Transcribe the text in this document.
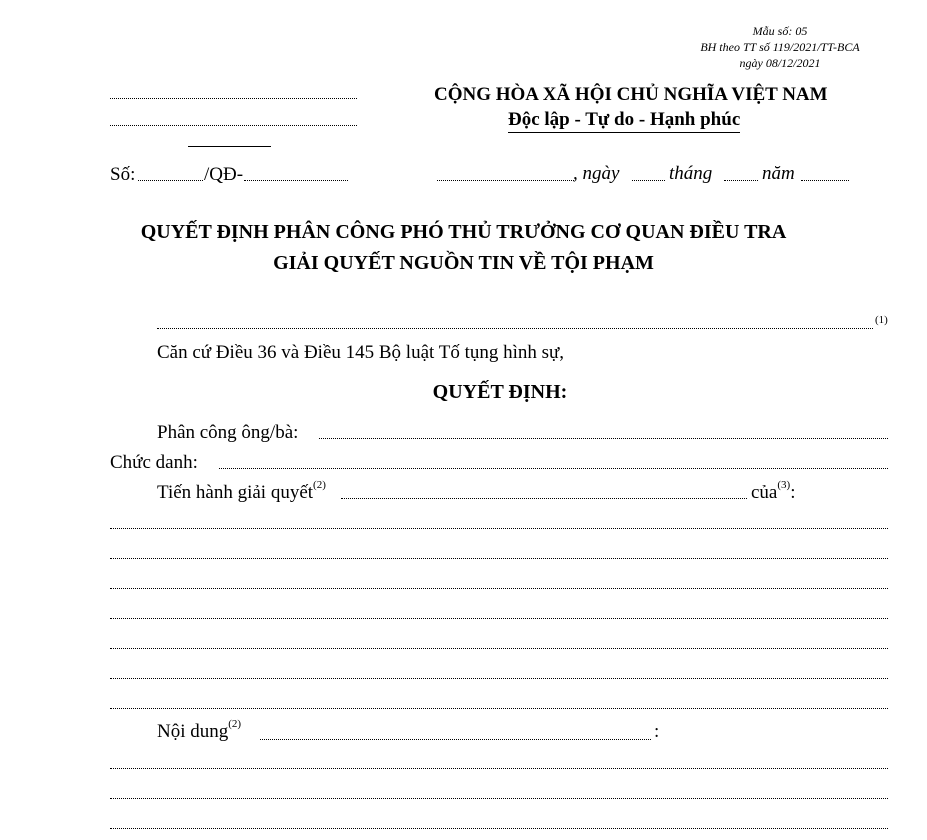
Mẫu số: 05
BH theo TT số 119/2021/TT-BCA
ngày 08/12/2021
CỘNG HÒA XÃ HỘI CHỦ NGHĨA VIỆT NAM
Độc lập - Tự do - Hạnh phúc
Số:	/QĐ-	, ngày	tháng	năm
QUYẾT ĐỊNH PHÂN CÔNG PHÓ THỦ TRƯỞNG CƠ QUAN ĐIỀU TRA
GIẢI QUYẾT NGUỒN TIN VỀ TỘI PHẠM
(1)
Căn cứ Điều 36 và Điều 145 Bộ luật Tố tụng hình sự,
QUYẾT ĐỊNH:
Phân công ông/bà:
Chức danh:
Tiến hành giải quyết$^{(2)}$	của$^{(3)}$:
Nội dung$^{(2)}$	:
